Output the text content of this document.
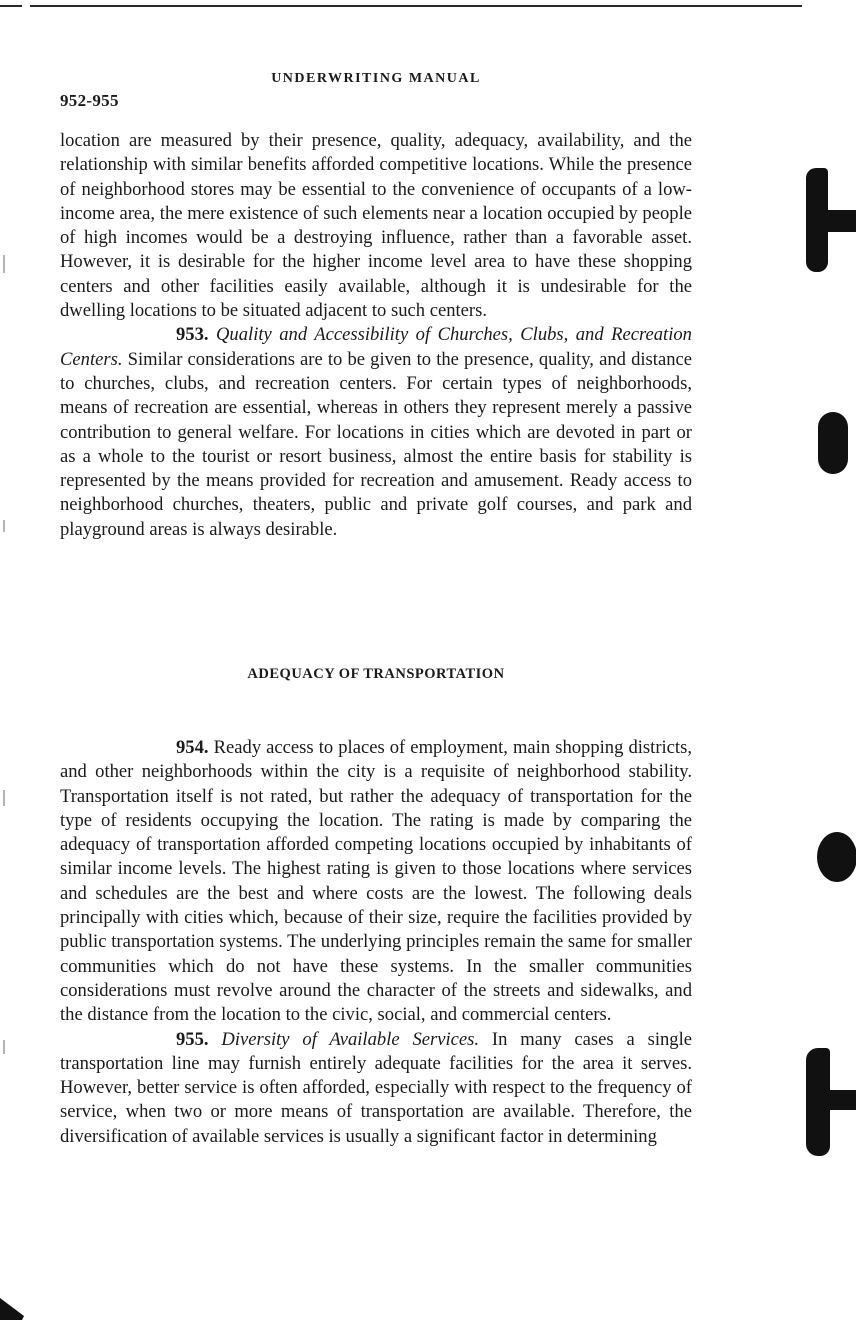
UNDERWRITING MANUAL
952-955

location are measured by their presence, quality, adequacy, availability, and the relationship with similar benefits afforded competitive locations. While the presence of neighborhood stores may be essential to the convenience of occupants of a low-income area, the mere existence of such elements near a location occupied by people of high incomes would be a destroying influence, rather than a favorable asset. However, it is desirable for the higher income level area to have these shopping centers and other facilities easily available, although it is undesirable for the dwelling locations to be situated adjacent to such centers.

953. Quality and Accessibility of Churches, Clubs, and Recreation Centers. Similar considerations are to be given to the presence, quality, and distance to churches, clubs, and recreation centers. For certain types of neighborhoods, means of recreation are essential, whereas in others they represent merely a passive contribution to general welfare. For locations in cities which are devoted in part or as a whole to the tourist or resort business, almost the entire basis for stability is represented by the means provided for recreation and amusement. Ready access to neighborhood churches, theaters, public and private golf courses, and park and playground areas is always desirable.

ADEQUACY OF TRANSPORTATION

954. Ready access to places of employment, main shopping districts, and other neighborhoods within the city is a requisite of neighborhood stability. Transportation itself is not rated, but rather the adequacy of transportation for the type of residents occupying the location. The rating is made by comparing the adequacy of transportation afforded competing locations occupied by inhabitants of similar income levels. The highest rating is given to those locations where services and schedules are the best and where costs are the lowest. The following deals principally with cities which, because of their size, require the facilities provided by public transportation systems. The underlying principles remain the same for smaller communities which do not have these systems. In the smaller communities considerations must revolve around the character of the streets and sidewalks, and the distance from the location to the civic, social, and commercial centers.

955. Diversity of Available Services. In many cases a single transportation line may furnish entirely adequate facilities for the area it serves. However, better service is often afforded, especially with respect to the frequency of service, when two or more means of transportation are available. Therefore, the diversification of available services is usually a significant factor in determining
